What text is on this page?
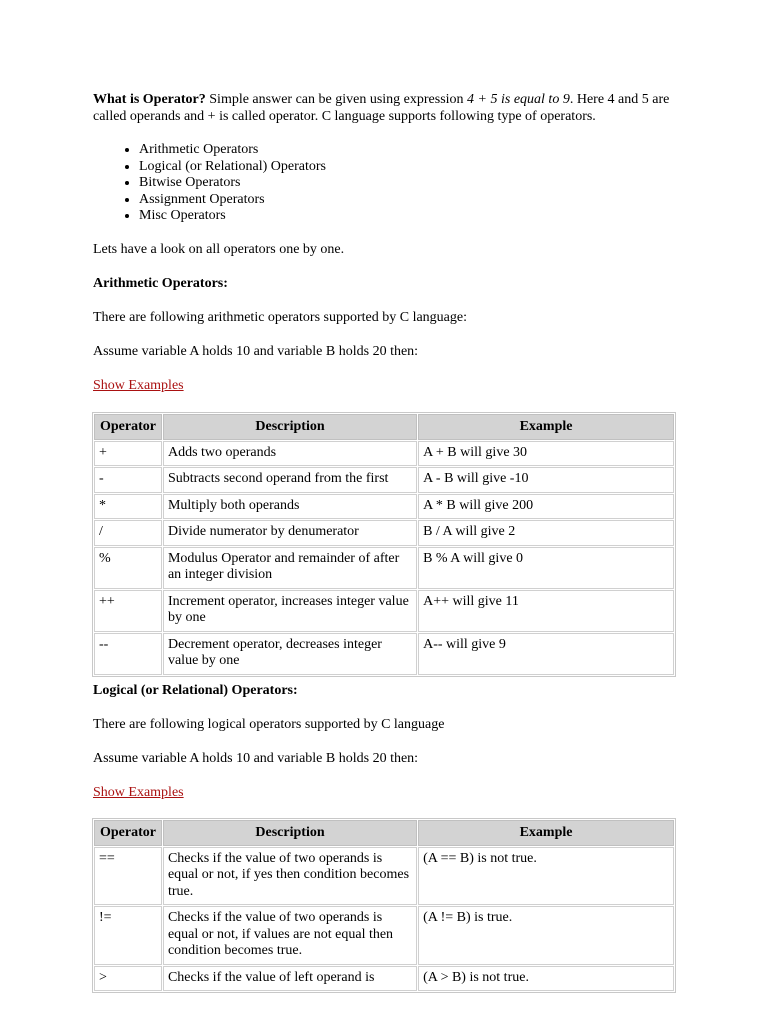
What is Operator? Simple answer can be given using expression 4 + 5 is equal to 9. Here 4 and 5 are called operands and + is called operator. C language supports following type of operators.

• Arithmetic Operators
• Logical (or Relational) Operators
• Bitwise Operators
• Assignment Operators
• Misc Operators

Lets have a look on all operators one by one.

Arithmetic Operators:

There are following arithmetic operators supported by C language:

Assume variable A holds 10 and variable B holds 20 then:

Show Examples

Operator	Description	Example
+	Adds two operands	A + B will give 30
-	Subtracts second operand from the first	A - B will give -10
*	Multiply both operands	A * B will give 200
/	Divide numerator by denumerator	B / A will give 2
%	Modulus Operator and remainder of after an integer division	B % A will give 0
++	Increment operator, increases integer value by one	A++ will give 11
--	Decrement operator, decreases integer value by one	A-- will give 9

Logical (or Relational) Operators:

There are following logical operators supported by C language

Assume variable A holds 10 and variable B holds 20 then:

Show Examples

Operator	Description	Example
==	Checks if the value of two operands is equal or not, if yes then condition becomes true.	(A == B) is not true.
!=	Checks if the value of two operands is equal or not, if values are not equal then condition becomes true.	(A != B) is true.
>	Checks if the value of left operand is	(A > B) is not true.
